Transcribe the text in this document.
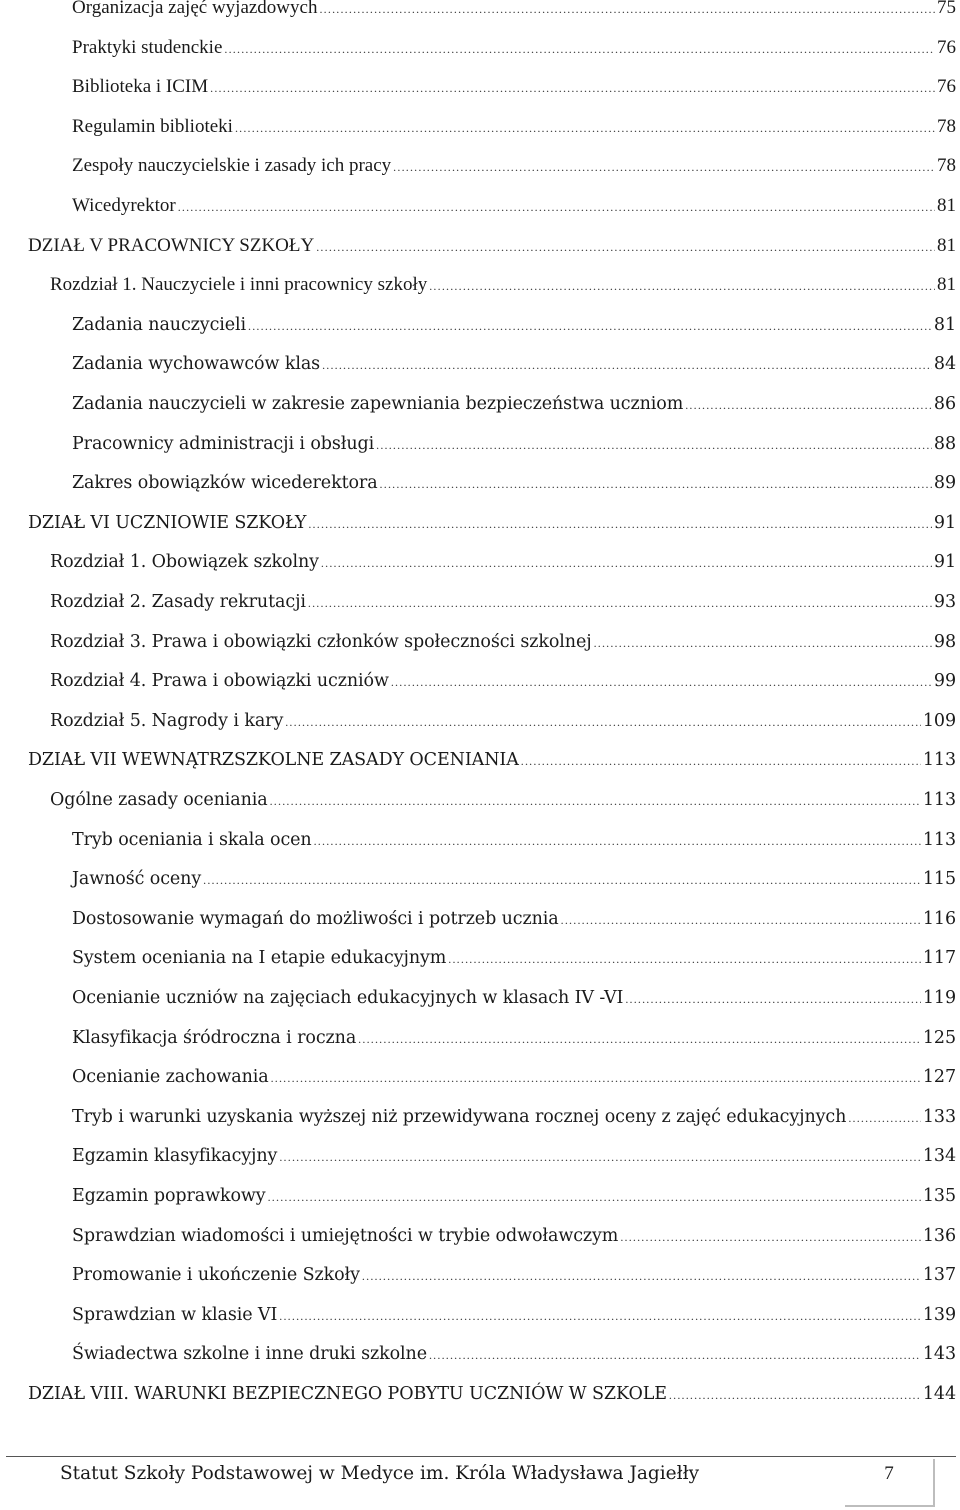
Organizacja zajęć wyjazdowych .....	75
Praktyki studenckie .....	76
Biblioteka i ICIM .....	76
Regulamin biblioteki .....	78
Zespoły nauczycielskie i zasady ich pracy .....	78
Wicedyrektor .....	81
DZIAŁ V PRACOWNICY SZKOŁY .....	81
Rozdział 1. Nauczyciele i inni pracownicy szkoły .....	81
Zadania nauczycieli .....	81
Zadania wychowawców klas .....	84
Zadania nauczycieli w zakresie zapewniania bezpieczeństwa uczniom .....	86
Pracownicy administracji i obsługi .....	88
Zakres obowiązków wicederektora .....	89
DZIAŁ VI UCZNIOWIE SZKOŁY .....	91
Rozdział 1. Obowiązek szkolny .....	91
Rozdział 2. Zasady rekrutacji .....	93
Rozdział 3. Prawa i obowiązki członków społeczności szkolnej .....	98
Rozdział 4. Prawa i obowiązki uczniów .....	99
Rozdział 5. Nagrody i kary .....	109
DZIAŁ VII WEWNĄTRZSZKOLNE ZASADY OCENIANIA .....	113
Ogólne zasady oceniania .....	113
Tryb oceniania i skala ocen .....	113
Jawność oceny .....	115
Dostosowanie wymagań do możliwości i potrzeb ucznia .....	116
System oceniania na I etapie edukacyjnym .....	117
Ocenianie uczniów na zajęciach edukacyjnych w klasach IV -VI .....	119
Klasyfikacja śródroczna i roczna .....	125
Ocenianie zachowania .....	127
Tryb i warunki uzyskania wyższej niż przewidywana rocznej oceny z zajęć edukacyjnych .....	133
Egzamin klasyfikacyjny .....	134
Egzamin poprawkowy .....	135
Sprawdzian wiadomości i umiejętności w trybie odwoławczym .....	136
Promowanie i ukończenie Szkoły .....	137
Sprawdzian w klasie VI .....	139
Świadectwa szkolne i inne druki szkolne .....	143
DZIAŁ VIII. WARUNKI BEZPIECZNEGO POBYTU UCZNIÓW W SZKOLE .....	144
Statut Szkoły Podstawowej w Medyce im. Króla Władysława Jagiełły	7
